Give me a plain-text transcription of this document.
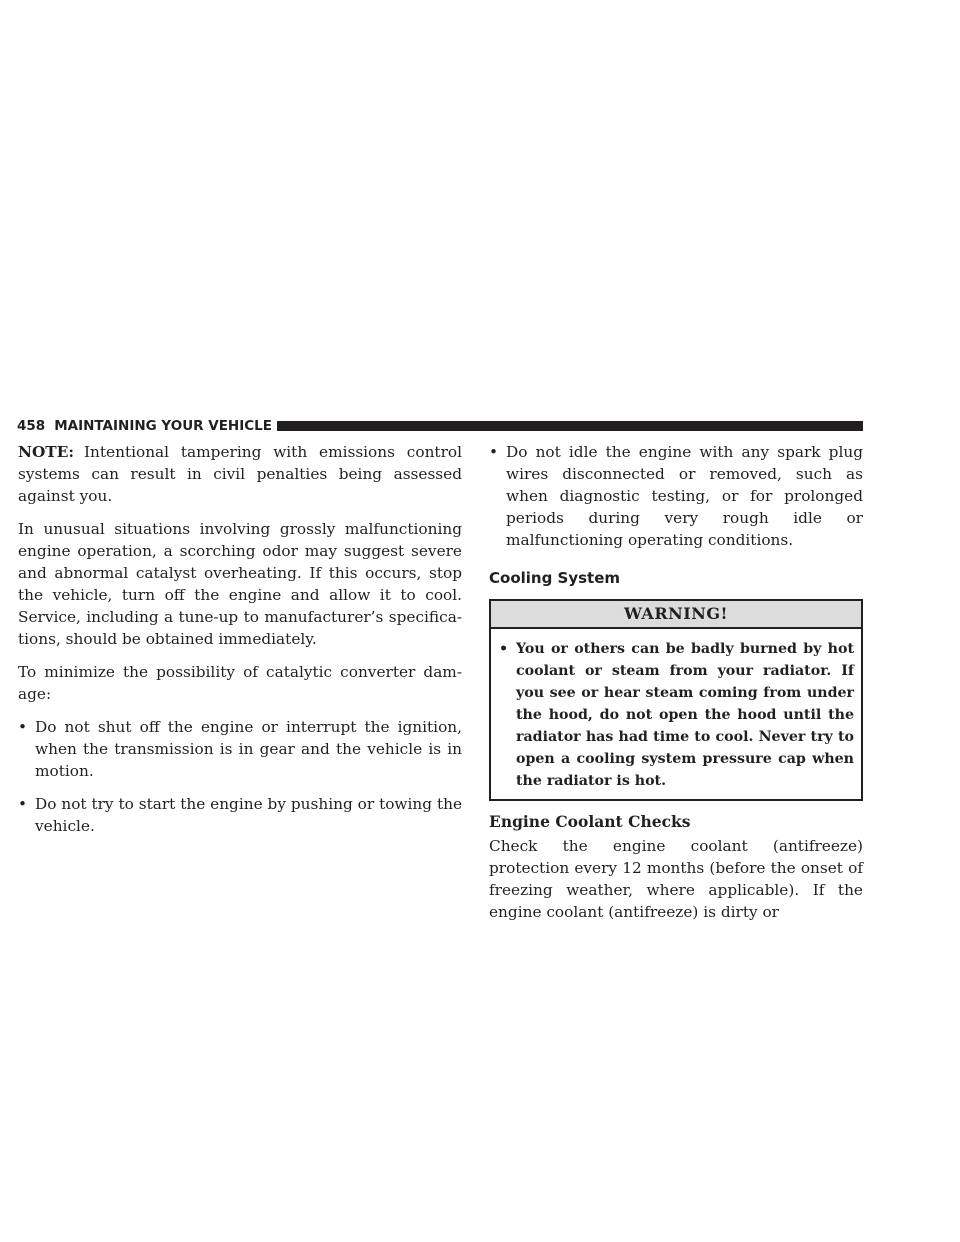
458 MAINTAINING YOUR VEHICLE

NOTE: Intentional tampering with emissions control systems can result in civil penalties being assessed against you.

In unusual situations involving grossly malfunctioning engine operation, a scorching odor may suggest severe and abnormal catalyst overheating. If this occurs, stop the vehicle, turn off the engine and allow it to cool. Service, including a tune-up to manufacturer’s specifica-tions, should be obtained immediately.

To minimize the possibility of catalytic converter dam-age:

• Do not shut off the engine or interrupt the ignition, when the transmission is in gear and the vehicle is in motion.
• Do not try to start the engine by pushing or towing the vehicle.
• Do not idle the engine with any spark plug wires disconnected or removed, such as when diagnostic testing, or for prolonged periods during very rough idle or malfunctioning operating conditions.
Cooling System
WARNING!
• You or others can be badly burned by hot coolant or steam from your radiator. If you see or hear steam coming from under the hood, do not open the hood until the radiator has had time to cool. Never try to open a cooling system pressure cap when the radiator is hot.
Engine Coolant Checks

Check the engine coolant (antifreeze) protection every 12 months (before the onset of freezing weather, where applicable). If the engine coolant (antifreeze) is dirty or
